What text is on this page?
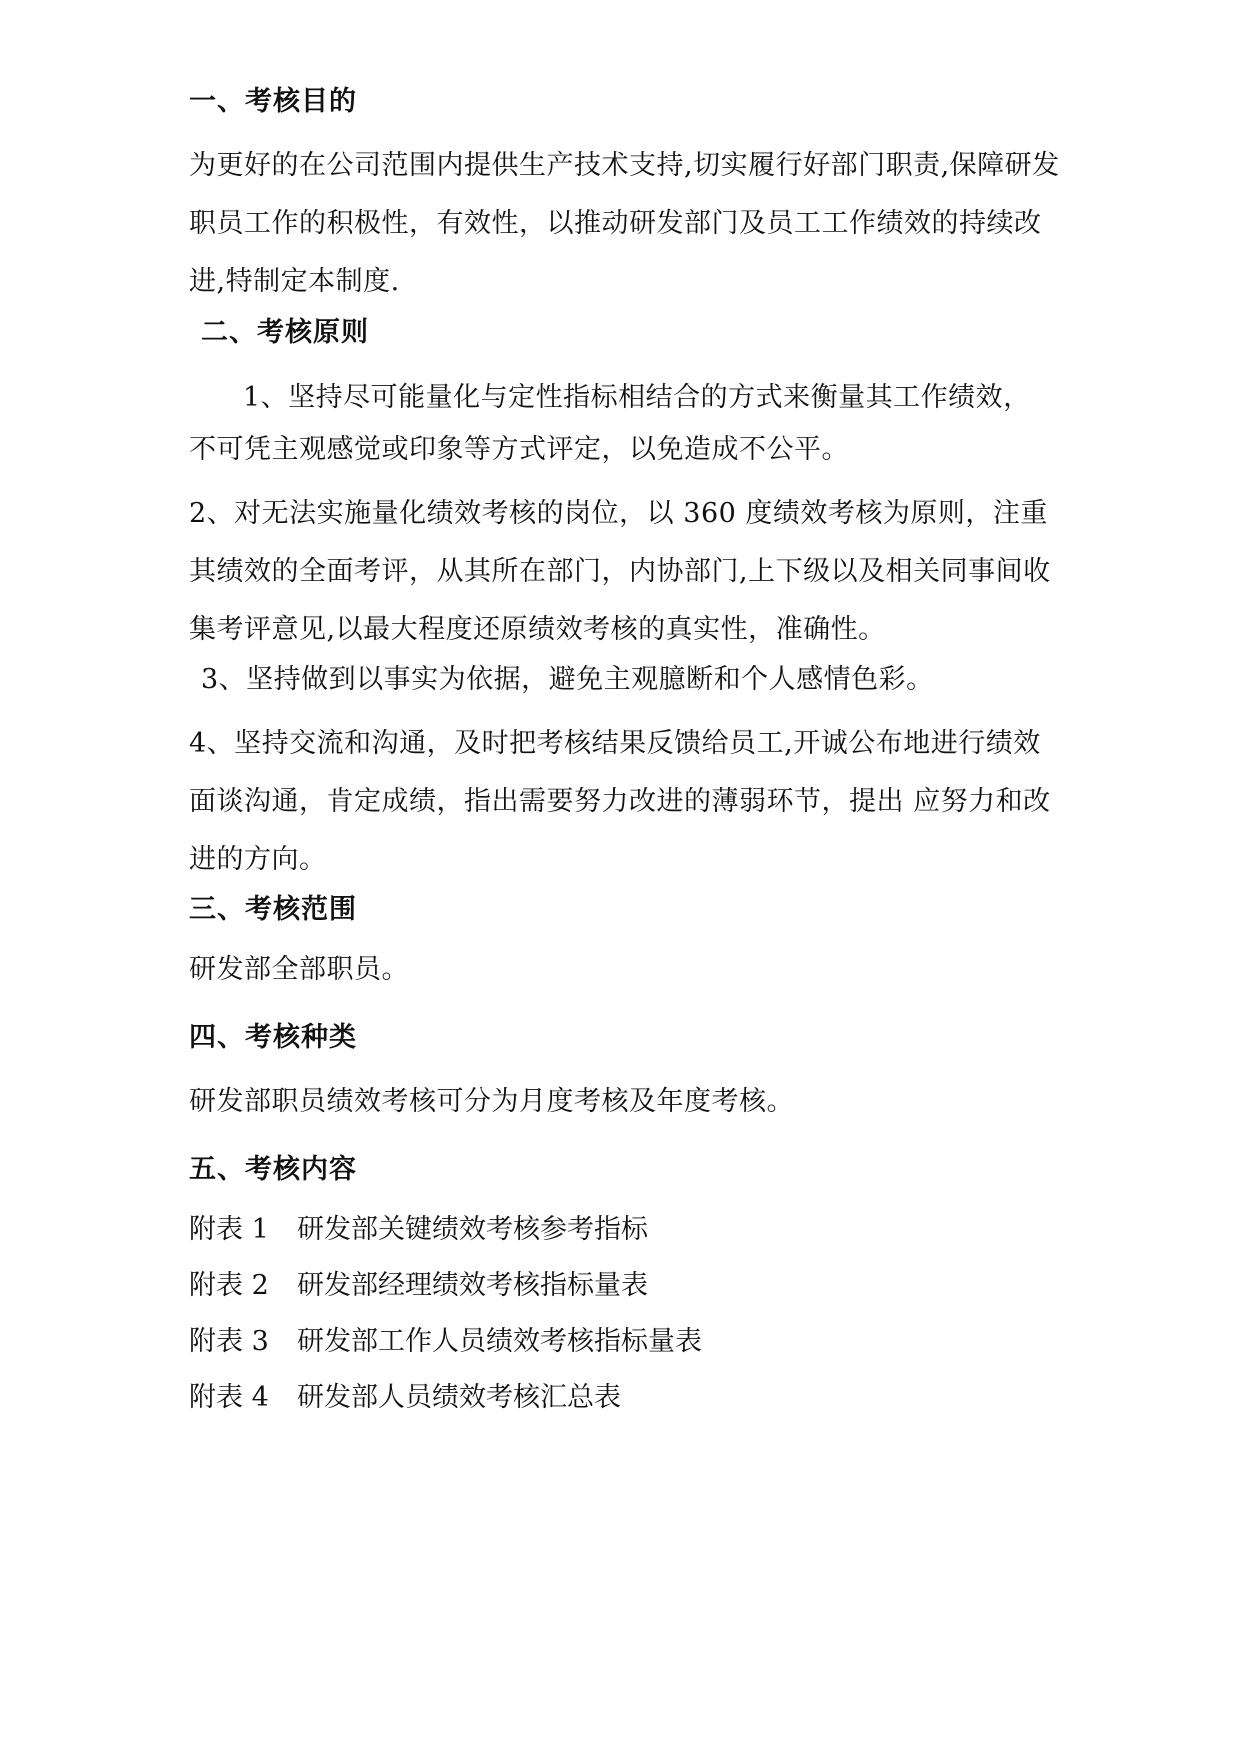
一、考核目的

为更好的在公司范围内提供生产技术支持,切实履行好部门职责,保障研发职员工作的积极性，有效性，以推动研发部门及员工工作绩效的持续改进,特制定本制度.

二、考核原则
1、坚持尽可能量化与定性指标相结合的方式来衡量其工作绩效，
不可凭主观感觉或印象等方式评定，以免造成不公平。

2、对无法实施量化绩效考核的岗位，以 360 度绩效考核为原则，注重其绩效的全面考评，从其所在部门，内协部门,上下级以及相关同事间收集考评意见,以最大程度还原绩效考核的真实性，准确性。

3、坚持做到以事实为依据，避免主观臆断和个人感情色彩。

4、坚持交流和沟通，及时把考核结果反馈给员工,开诚公布地进行绩效面谈沟通，肯定成绩，指出需要努力改进的薄弱环节，提出 应努力和改进的方向。

三、考核范围
研发部全部职员。
四、考核种类
研发部职员绩效考核可分为月度考核及年度考核。
五、考核内容
附表 1 研发部关键绩效考核参考指标
附表 2 研发部经理绩效考核指标量表
附表 3 研发部工作人员绩效考核指标量表
附表 4 研发部人员绩效考核汇总表
